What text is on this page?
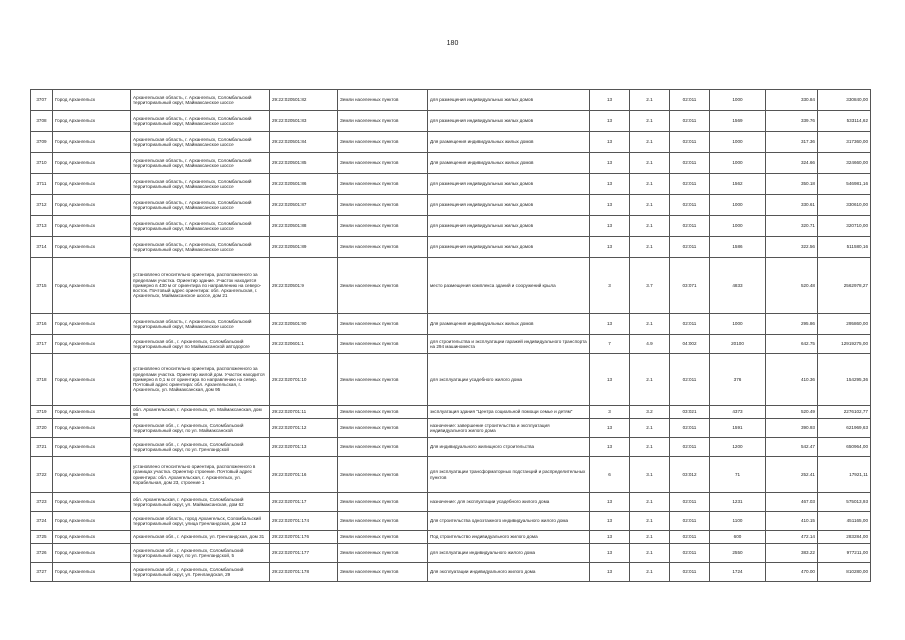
180
3707	Город Архангельск	Архангельская область, г. Архангельск, Соломбальский территориальный округ, Маймаксанское шоссе	29:22:020501:82	Земли населенных пунктов	для размещения индивидуальных жилых домов	13	2.1	02:011	1000	330.84	330840,00
3708	Город Архангельск	Архангельская область, г. Архангельск, Соломбальский территориальный округ, Маймаксанское шоссе	29:22:020501:83	Земли населенных пунктов	для размещения индивидуальных жилых домов	13	2.1	02:011	1569	339.76	533114,62
3709	Город Архангельск	Архангельская область, г. Архангельск, Соломбальский территориальный округ, Маймаксанское шоссе	29:22:020501:84	Земли населенных пунктов	Для размещения индивидуальных жилых домов	13	2.1	02:011	1000	317.36	317360,00
3710	Город Архангельск	Архангельская область, г. Архангельск, Соломбальский территориальный округ, Маймаксанское шоссе	29:22:020501:85	Земли населенных пунктов	Для размещения индивидуальных жилых домов	13	2.1	02:011	1000	324.66	324660,00
3711	Город Архангельск	Архангельская область, г. Архангельск, Соломбальский территориальный округ, Маймаксанское шоссе	29:22:020501:86	Земли населенных пунктов	для размещения индивидуальных жилых домов	13	2.1	02:011	1562	350.18	546981,16
3712	Город Архангельск	Архангельская область, г. Архангельск, Соломбальский территориальный округ, Маймаксанское шоссе	29:22:020501:87	Земли населенных пунктов	для размещения индивидуальных жилых домов	13	2.1	02:011	1000	330.61	330610,00
3713	Город Архангельск	Архангельская область, г. Архангельск, Соломбальский территориальный округ, Маймаксанское шоссе	29:22:020501:88	Земли населенных пунктов	для размещения индивидуальных жилых домов	13	2.1	02:011	1000	320.71	320710,00
3714	Город Архангельск	Архангельская область, г. Архангельск, Соломбальский территориальный округ, Маймаксанское шоссе	29:22:020501:89	Земли населенных пунктов	для размещения индивидуальных жилых домов	13	2.1	02:011	1586	322.56	511580,16
3715	Город Архангельск	установлено относительно ориентира, расположенного за пределами участка. Ориентир здание. Участок находится примерно в 430 м от ориентира по направлению на северо-восток. Почтовый адрес ориентира: обл. Архангельская, г. Архангельск, Маймаксанское шоссе, дом 21	29:22:020501:9	Земли населенных пунктов	место размещения комплекса зданий и сооружений крыла	3	3.7	03:071	4833	520.48	2562978,27
3716	Город Архангельск	Архангельская область, г. Архангельск, Соломбальский территориальный округ, Маймаксанское шоссе	29:22:020501:90	Земли населенных пунктов	Для размещения индивидуальных жилых домов	13	2.1	02:011	1000	295.86	295860,00
3717	Город Архангельск	Архангельская обл., г. Архангельск, Соломбальский территориальный округ по Маймаксанской автодороге	29:22:020601:1	Земли населенных пунктов	для строительства и эксплуатации гаражей индивидуального транспорта на 294 машиноместа	7	4.9	04:002	20100	642.75	12919275,00
3718	Город Архангельск	установлено относительно ориентира, расположенного за пределами участка. Ориентир жилой дом. Участок находится примерно в 0,1 м от ориентира по направлению на север. Почтовый адрес ориентира: обл. Архангельская, г. Архангельск, ул. Маймаксанская, дом 95	29:22:020701:10	Земли населенных пунктов	для эксплуатации усадебного жилого дома	13	2.1	02:011	376	410.36	154295,36
3719	Город Архангельск	обл. Архангельская, г. Архангельск, ул. Маймаксанская, дом 98	29:22:020701:11	Земли населенных пунктов	эксплуатация здания "Центра социальной помощи семье и детям"	3	3.2	03:021	4373	520.49	2276102,77
3720	Город Архангельск	Архангельская обл., г. Архангельск, Соломбальский территориальный округ, по ул. Маймаксанской	29:22:020701:12	Земли населенных пунктов	назначение: завершение строительства и эксплуатация индивидуального жилого дома	13	2.1	02:011	1591	390.93	621969,63
3721	Город Архангельск	Архангельская обл., г. Архангельск, Соломбальский территориальный округ, по ул. Гренландской	29:22:020701:13	Земли населенных пунктов	Для индивидуального жилищного строительства	13	2.1	02:011	1200	542.47	650964,00
3722	Город Архангельск	установлено относительно ориентира, расположенного в границах участка. Ориентир строение. Почтовый адрес ориентира: обл. Архангельская, г. Архангельск, ул. Корабельная, дом 23, строение 1	29:22:020701:16	Земли населенных пунктов	для эксплуатации трансформаторных подстанций и распределительных пунктов	6	3.1	03:012	71	252.41	17921,11
3723	Город Архангельск	обл. Архангельская, г. Архангельск, Соломбальский территориальный округ, ул. Маймаксанская, дом 62	29:22:020701:17	Земли населенных пунктов	назначение: для эксплуатации усадебного жилого дома	13	2.1	02:011	1231	467.03	575013,93
3724	Город Архангельск	Архангельская область, город Архангельск, Соломбальский территориальный округ, улица Гренландская, дом 12	29:22:020701:174	Земли населенных пунктов	Для строительства одноэтажного индивидуального жилого дома	13	2.1	02:011	1100	410.15	451165,00
3725	Город Архангельск	Архангельская обл., г. Архангельск, ул. Гренландская, дом 31	29:22:020701:176	Земли населенных пунктов	Под строительство индивидуального жилого дома	13	2.1	02:011	600	472.14	283284,00
3726	Город Архангельск	Архангельская обл., г. Архангельск, Соломбальский территориальный округ, по ул. Гренландской, 5	29:22:020701:177	Земли населенных пунктов	для эксплуатации индивидуального жилого дома	13	2.1	02:011	2550	383.22	977211,00
3727	Город Архангельск	Архангельская обл., г. Архангельск, Соломбальский территориальный округ, ул. Гренландская, 29	29:22:020701:178	Земли населенных пунктов	Для эксплуатации индивидуального жилого дома	13	2.1	02:011	1724	470.00	810280,00
